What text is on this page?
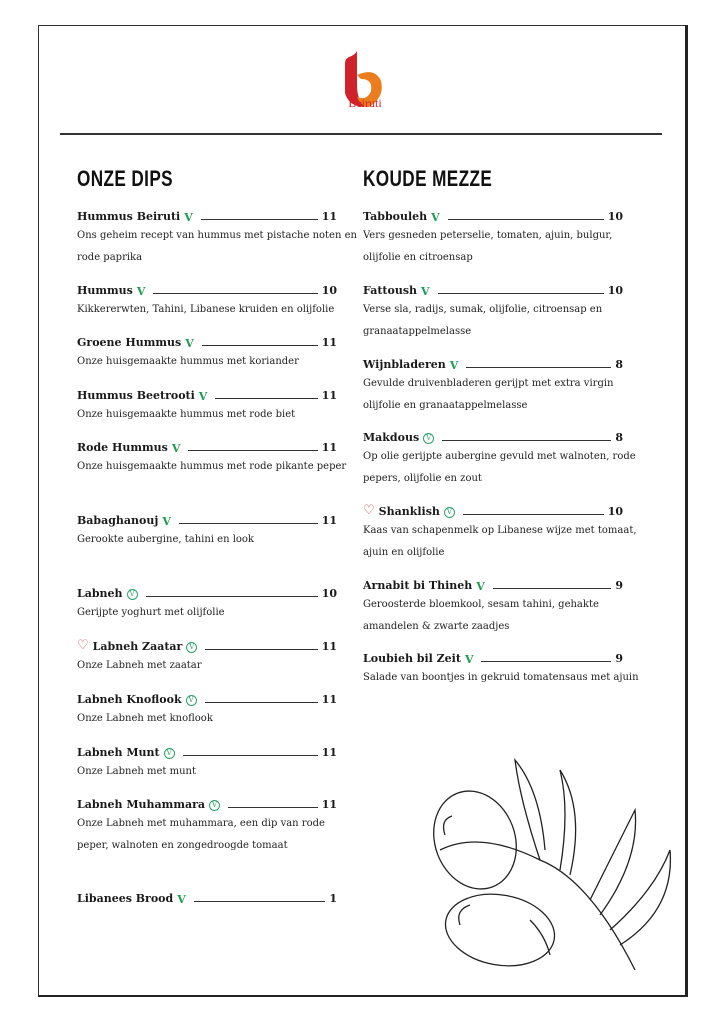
Beiruti
ONZE DIPS	KOUDE MEZZE
Hummus Beiruti V	11
Ons geheim recept van hummus met pistache noten en
rode paprika
Hummus V	10
Kikkererwten, Tahini, Libanese kruiden en olijfolie
Groene Hummus V	11
Onze huisgemaakte hummus met koriander
Hummus Beetrooti V	11
Onze huisgemaakte hummus met rode biet
Rode Hummus V	11
Onze huisgemaakte hummus met rode pikante peper
Babaghanouj V	11
Gerookte aubergine, tahini en look
Labneh V	10
Gerijpte yoghurt met olijfolie
♡ Labneh Zaatar V	11
Onze Labneh met zaatar
Labneh Knoflook V	11
Onze Labneh met knoflook
Labneh Munt V	11
Onze Labneh met munt
Labneh Muhammara V	11
Onze Labneh met muhammara, een dip van rode
peper, walnoten en zongedroogde tomaat
Libanees Brood V	1
Tabbouleh V	10
Vers gesneden peterselie, tomaten, ajuin, bulgur,
olijfolie en citroensap
Fattoush V	10
Verse sla, radijs, sumak, olijfolie, citroensap en
granaatappelmelasse
Wijnbladeren V	8
Gevulde druivenbladeren gerijpt met extra virgin
olijfolie en granaatappelmelasse
Makdous V	8
Op olie gerijpte aubergine gevuld met walnoten, rode
pepers, olijfolie en zout
♡ Shanklish V	10
Kaas van schapenmelk op Libanese wijze met tomaat,
ajuin en olijfolie
Arnabit bi Thineh V	9
Geroosterde bloemkool, sesam tahini, gehakte
amandelen & zwarte zaadjes
Loubieh bil Zeit V	9
Salade van boontjes in gekruid tomatensaus met ajuin
